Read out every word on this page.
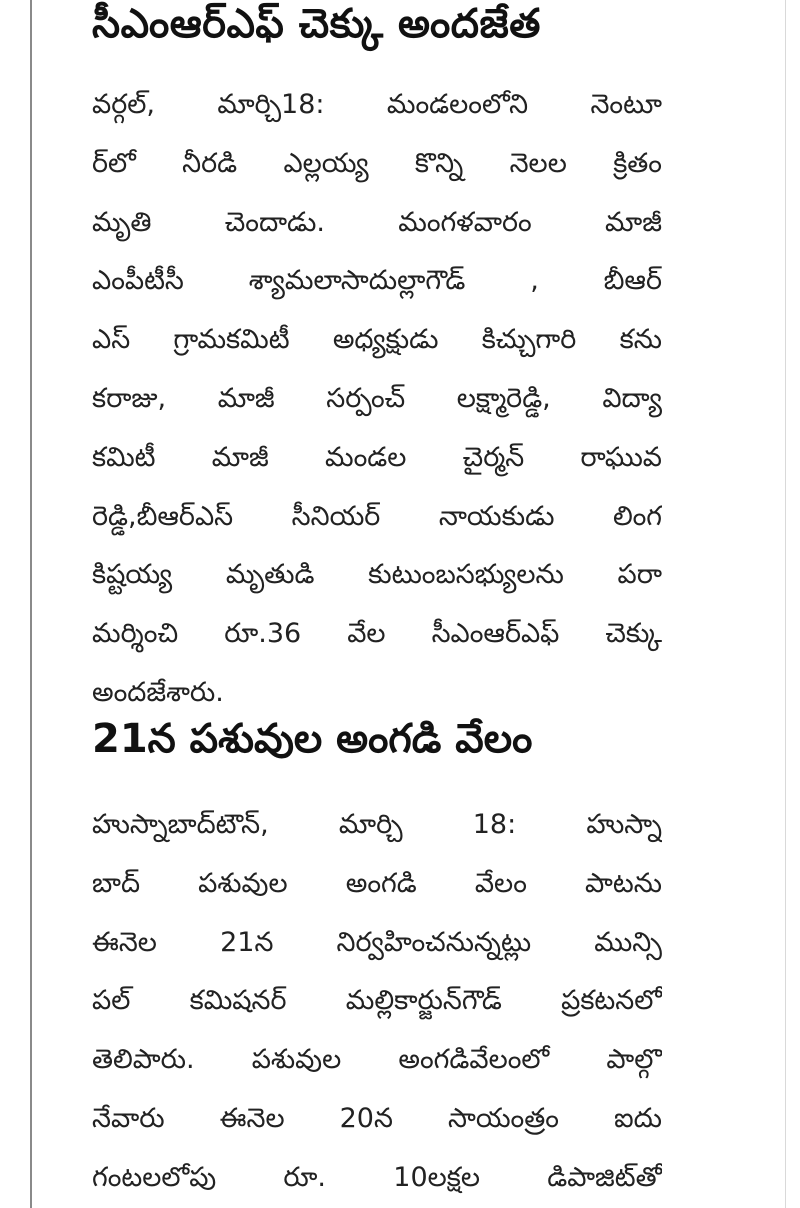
సీఎంఆర్‌ఎఫ్‌ చెక్కు అందజేత
వర్గల్‌, మార్చి18: మండలంలోని నెంటూ
ర్‌లో నీరడి ఎల్లయ్య కొన్ని నెలల క్రితం
మృతి చెందాడు. మంగళవారం మాజీ
ఎంపీటీసీ శ్యామలాసాదుల్లాగౌడ్‌ , బీఆర్‌
ఎస్‌ గ్రామకమిటీ అధ్యక్షుడు కిచ్చుగారి కను
కరాజు, మాజీ సర్పంచ్‌ లక్ష్మారెడ్డి, విద్యా
కమిటీ మాజీ మండల చైర్మన్‌ రాఘువ
రెడ్డి,బీఆర్‌ఎస్‌ సీనియర్‌ నాయకుడు లింగ
కిష్టయ్య మృతుడి కుటుంబసభ్యులను పరా
మర్శించి రూ.36 వేల సీఎంఆర్‌ఎఫ్‌ చెక్కు
అందజేశారు.
21న పశువుల అంగడి వేలం
హుస్నాబాద్‌టౌన్‌, మార్చి 18: హుస్నా
బాద్‌ పశువుల అంగడి వేలం పాటను
ఈనెల 21న నిర్వహించనున్నట్లు మున్సి
పల్‌ కమిషనర్‌ మల్లికార్జున్‌గౌడ్‌ ప్రకటనలో
తెలిపారు. పశువుల అంగడివేలంలో పాల్గొ
నేవారు ఈనెల 20న సాయంత్రం ఐదు
గంటలలోపు రూ. 10లక్షల డిపాజిట్‌తో
